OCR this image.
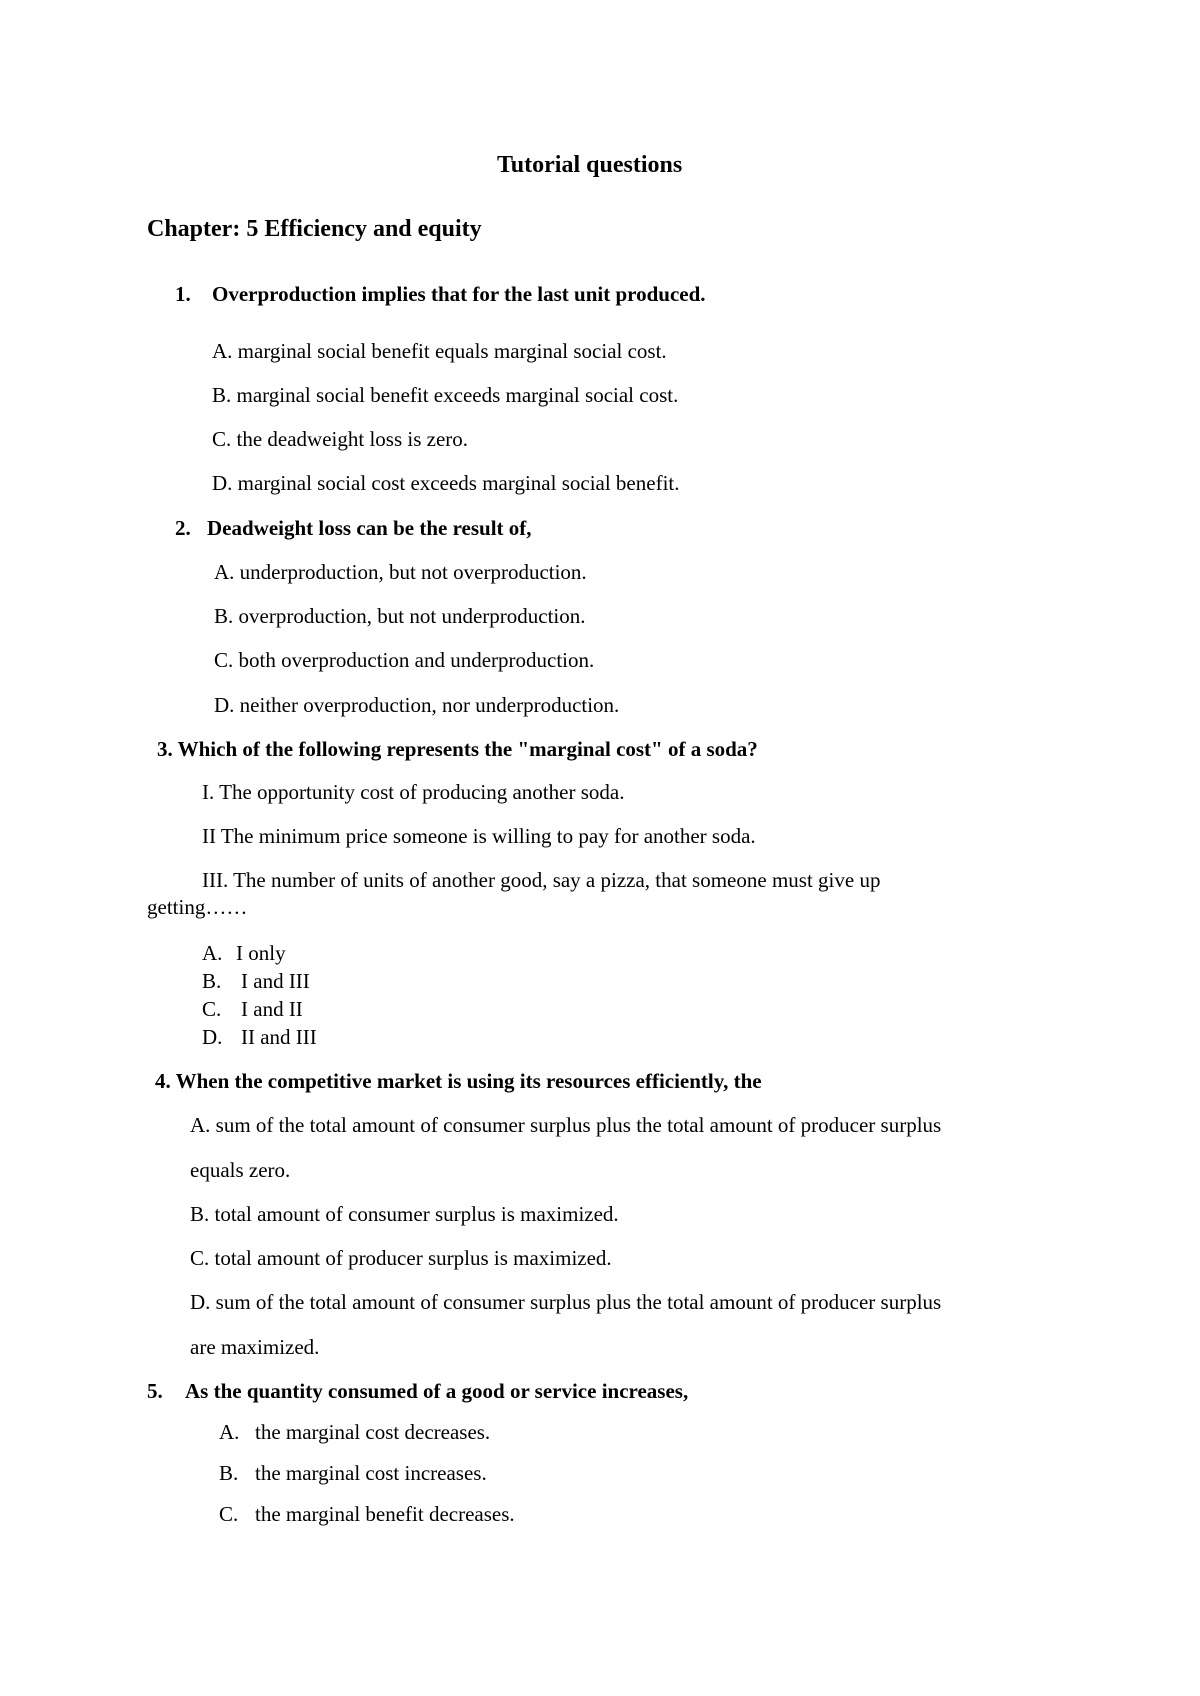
Tutorial questions
Chapter: 5 Efficiency and equity
1. Overproduction implies that for the last unit produced.
A. marginal social benefit equals marginal social cost.
B. marginal social benefit exceeds marginal social cost.
C. the deadweight loss is zero.
D. marginal social cost exceeds marginal social benefit.
2. Deadweight loss can be the result of,
A. underproduction, but not overproduction.
B. overproduction, but not underproduction.
C. both overproduction and underproduction.
D. neither overproduction, nor underproduction.
3. Which of the following represents the "marginal cost" of a soda?
I. The opportunity cost of producing another soda.
II The minimum price someone is willing to pay for another soda.
III. The number of units of another good, say a pizza, that someone must give up
getting……
A. I only
B. I and III
C. I and II
D. II and III
4. When the competitive market is using its resources efficiently, the
A. sum of the total amount of consumer surplus plus the total amount of producer surplus
equals zero.
B. total amount of consumer surplus is maximized.
C. total amount of producer surplus is maximized.
D. sum of the total amount of consumer surplus plus the total amount of producer surplus
are maximized.
5. As the quantity consumed of a good or service increases,
A. the marginal cost decreases.
B. the marginal cost increases.
C. the marginal benefit decreases.
